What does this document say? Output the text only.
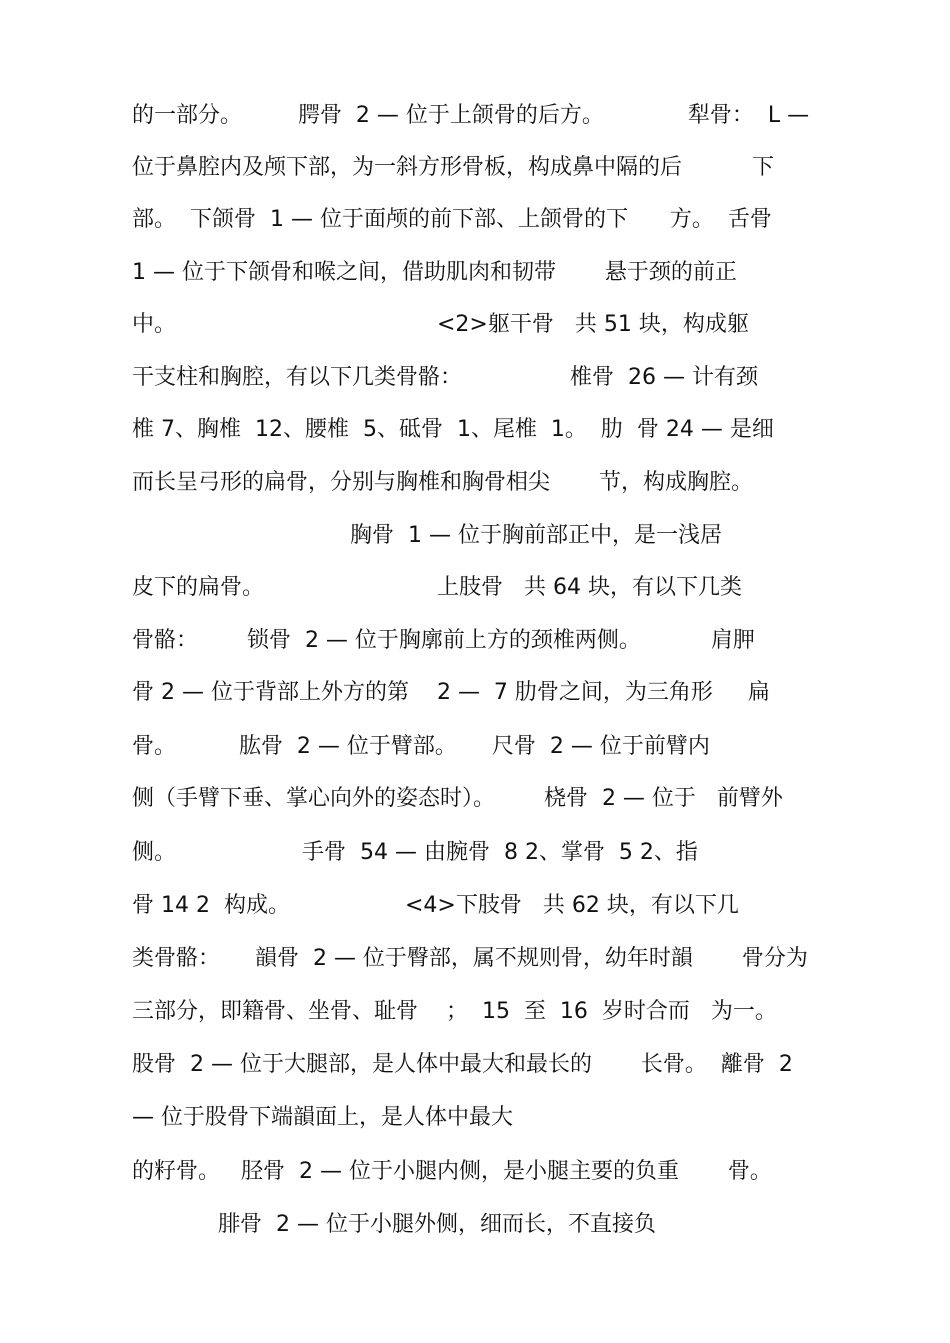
的一部分。        腭骨  2 — 位于上颌骨的后方。            犁骨：  L —

位于鼻腔内及颅下部，为一斜方形骨板，构成鼻中隔的后          下

部。  下颌骨  1 — 位于面颅的前下部、上颌骨的下      方。  舌骨

1 — 位于下颌骨和喉之间，借助肌肉和韧带       悬于颈的前正

中。	<2>躯干骨   共 51 块，构成躯

干支柱和胸腔，有以下几类骨骼：	椎骨  26 — 计有颈

椎 7、胸椎  12、腰椎  5、砥骨  1、尾椎  1。  肋  骨 24 — 是细

而长呈弓形的扁骨，分别与胸椎和胸骨相尖       节，构成胸腔。

胸骨  1 — 位于胸前部正中，是一浅居

皮下的扁骨。	上肢骨   共 64 块，有以下几类

骨骼：       锁骨  2 — 位于胸廓前上方的颈椎两侧。          肩胛

骨 2 — 位于背部上外方的第    2 —  7 肋骨之间，为三角形     扁

骨。         肱骨  2 — 位于臂部。     尺骨  2 — 位于前臂内

侧（手臂下垂、掌心向外的姿态时）。       桡骨  2 — 位于   前臂外

侧。	手骨  54 — 由腕骨  8 2、掌骨  5 2、指

骨 14 2  构成。	<4>下肢骨   共 62 块，有以下几

类骨骼：     韻骨  2 — 位于臀部，属不规则骨，幼年时韻       骨分为

三部分，即籍骨、坐骨、耻骨    ；  15  至  16  岁时合而   为一。

股骨  2 — 位于大腿部，是人体中最大和最长的       长骨。  離骨  2

— 位于股骨下端韻面上，是人体中最大

的籽骨。   胫骨  2 — 位于小腿内侧，是小腿主要的负重       骨。

腓骨  2 — 位于小腿外侧，细而长，不直接负
